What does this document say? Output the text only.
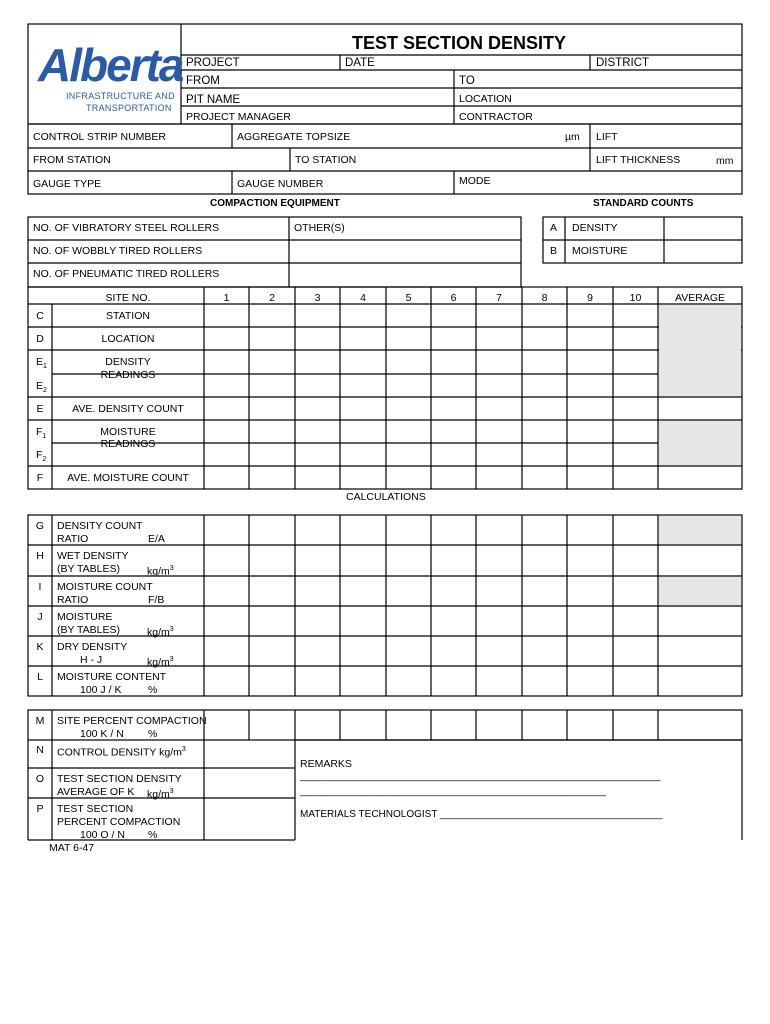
Alberta
INFRASTRUCTURE AND
TRANSPORTATION
TEST SECTION DENSITY
PROJECT	DATE	DISTRICT
FROM	TO
PIT NAME	LOCATION
PROJECT MANAGER	CONTRACTOR
CONTROL STRIP NUMBER	AGGREGATE TOPSIZE	µm LIFT
FROM STATION	TO STATION	LIFT THICKNESS	mm
GAUGE TYPE	GAUGE NUMBER	MODE
COMPACTION EQUIPMENT	STANDARD COUNTS
NO. OF VIBRATORY STEEL ROLLERS	OTHER(S)
NO. OF WOBBLY TIRED ROLLERS
NO. OF PNEUMATIC TIRED ROLLERS
A DENSITY
B MOISTURE
SITE NO.	1	2	3	4	5	6	7	8	9	10	AVERAGE
C	STATION
D	LOCATION
$E_1$	DENSITY
READINGS
$E_2$
E	AVE. DENSITY COUNT
$F_1$	MOISTURE
READINGS
$F_2$
F	AVE. MOISTURE COUNT
CALCULATIONS
G	DENSITY COUNT
RATIO	E/A
H	WET DENSITY
(BY TABLES)	$kg/m^3$
I	MOISTURE COUNT
RATIO	F/B
J	MOISTURE
(BY TABLES)	$kg/m^3$
K	DRY DENSITY
H - J	$kg/m^3$
L	MOISTURE CONTENT
100 J / K	%
M	SITE PERCENT COMPACTION
100 K / N %
N	CONTROL DENSITY $kg/m^3$
O	TEST SECTION DENSITY
AVERAGE OF K $kg/m^3$
P	TEST SECTION
PERCENT COMPACTION
100 O / N %
REMARKS
__________________________________________________________________
________________________________________________________
MATERIALS TECHNOLOGIST ________________________________________
MAT 6-47
